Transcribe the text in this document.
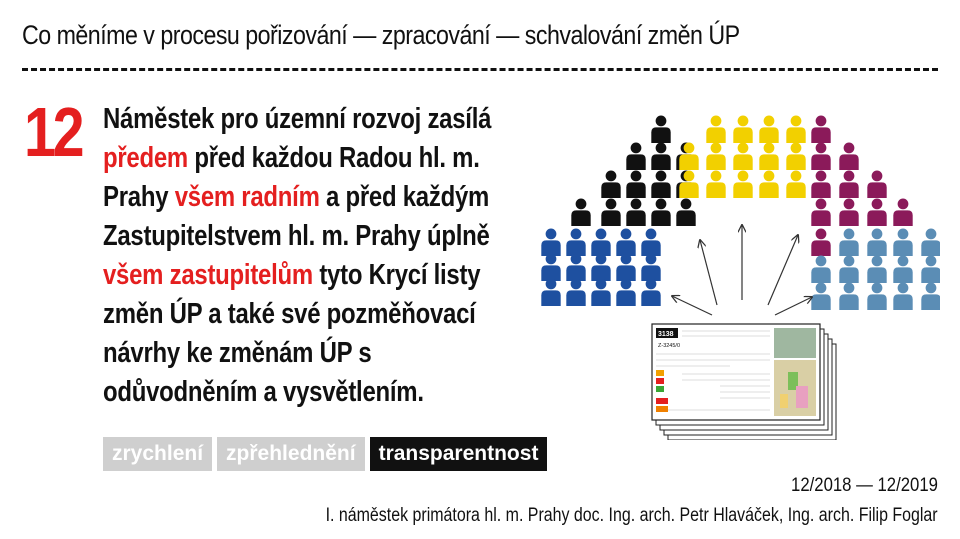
Co měníme v procesu pořizování — zpracování — schvalování změn ÚP
12 Náměstek pro územní rozvoj zasílá předem před každou Radou hl. m. Prahy všem radním a před každým Zastupitelstvem hl. m. Prahy úplně všem zastupitelům tyto Krycí listy změn ÚP a také své pozměňovací návrhy ke změnám ÚP s odůvodněním a vysvětlením.
zrychlení	zpřehlednění	transparentnost
12/2018 — 12/2019
I. náměstek primátora hl. m. Prahy doc. Ing. arch. Petr Hlaváček, Ing. arch. Filip Foglar
3138
Z-3245/0
